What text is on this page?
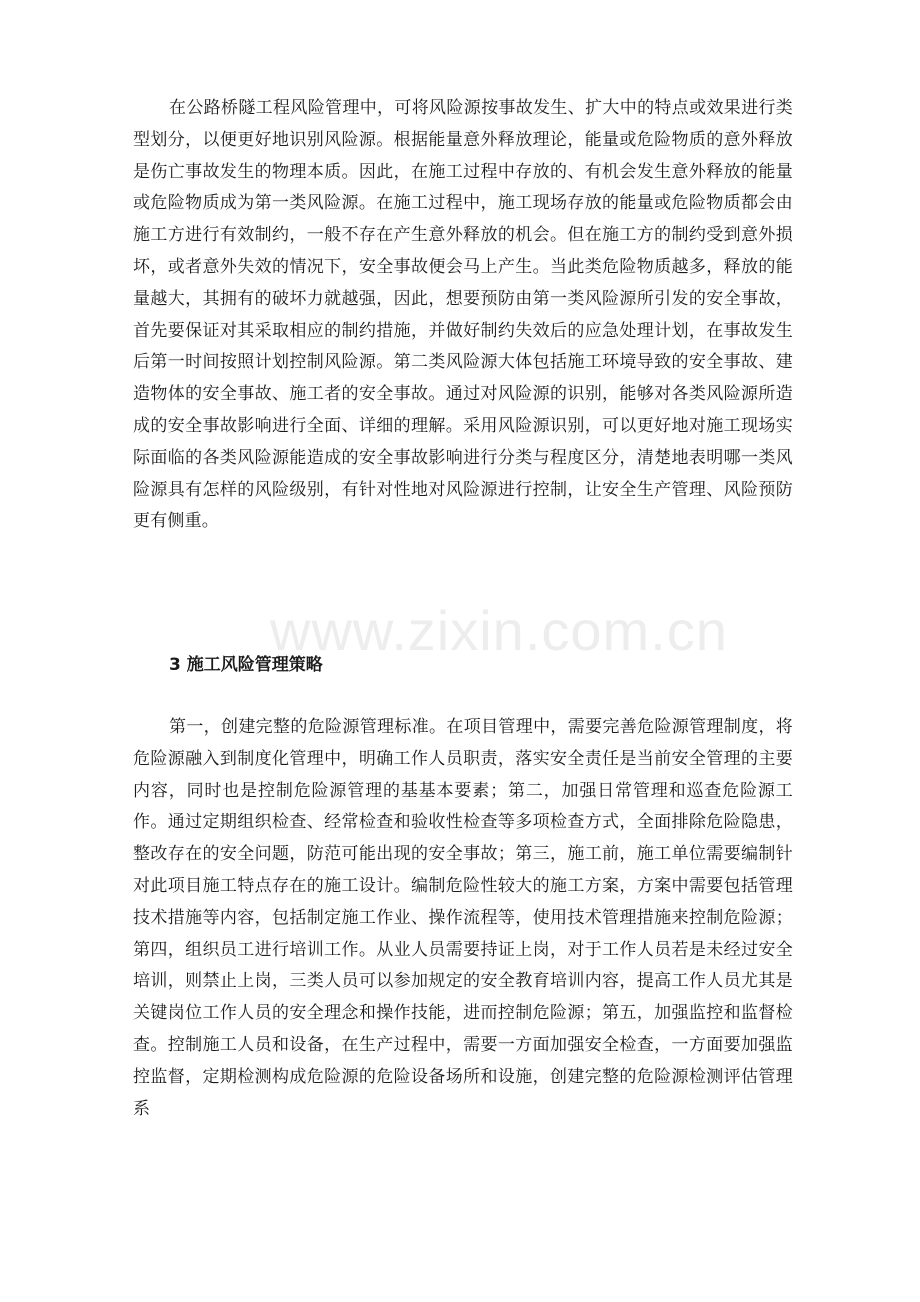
在公路桥隧工程风险管理中，可将风险源按事故发生、扩大中的特点或效果进行类型划分，以便更好地识别风险源。根据能量意外释放理论，能量或危险物质的意外释放是伤亡事故发生的物理本质。因此，在施工过程中存放的、有机会发生意外释放的能量或危险物质成为第一类风险源。在施工过程中，施工现场存放的能量或危险物质都会由施工方进行有效制约，一般不存在产生意外释放的机会。但在施工方的制约受到意外损坏，或者意外失效的情况下，安全事故便会马上产生。当此类危险物质越多，释放的能量越大，其拥有的破坏力就越强，因此，想要预防由第一类风险源所引发的安全事故，首先要保证对其采取相应的制约措施，并做好制约失效后的应急处理计划，在事故发生后第一时间按照计划控制风险源。第二类风险源大体包括施工环境导致的安全事故、建造物体的安全事故、施工者的安全事故。通过对风险源的识别，能够对各类风险源所造成的安全事故影响进行全面、详细的理解。采用风险源识别，可以更好地对施工现场实际面临的各类风险源能造成的安全事故影响进行分类与程度区分，清楚地表明哪一类风险源具有怎样的风险级别，有针对性地对风险源进行控制，让安全生产管理、风险预防更有侧重。

www.zixin.com.cn

3 施工风险管理策略

第一，创建完整的危险源管理标准。在项目管理中，需要完善危险源管理制度，将危险源融入到制度化管理中，明确工作人员职责，落实安全责任是当前安全管理的主要内容，同时也是控制危险源管理的基基本要素；第二，加强日常管理和巡查危险源工作。通过定期组织检查、经常检查和验收性检查等多项检查方式，全面排除危险隐患，整改存在的安全问题，防范可能出现的安全事故；第三，施工前，施工单位需要编制针对此项目施工特点存在的施工设计。编制危险性较大的施工方案，方案中需要包括管理技术措施等内容，包括制定施工作业、操作流程等，使用技术管理措施来控制危险源；第四，组织员工进行培训工作。从业人员需要持证上岗，对于工作人员若是未经过安全培训，则禁止上岗，三类人员可以参加规定的安全教育培训内容，提高工作人员尤其是关键岗位工作人员的安全理念和操作技能，进而控制危险源；第五，加强监控和监督检查。控制施工人员和设备，在生产过程中，需要一方面加强安全检查，一方面要加强监控监督，定期检测构成危险源的危险设备场所和设施，创建完整的危险源检测评估管理系
